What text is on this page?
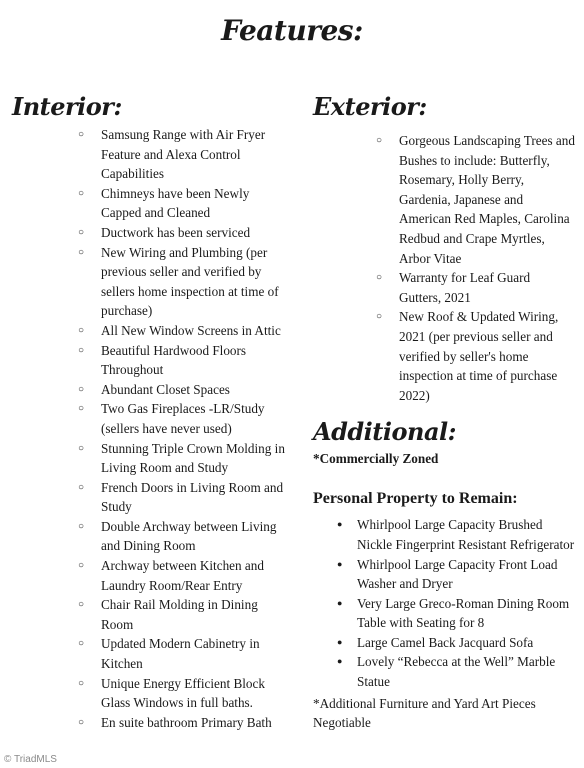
Features:
Interior:
○ Samsung Range with Air Fryer Feature and Alexa Control Capabilities
○ Chimneys have been Newly Capped and Cleaned
○ Ductwork has been serviced
○ New Wiring and Plumbing (per previous seller and verified by sellers home inspection at time of purchase)
○ All New Window Screens in Attic
○ Beautiful Hardwood Floors Throughout
○ Abundant Closet Spaces
○ Two Gas Fireplaces -LR/Study (sellers have never used)
○ Stunning Triple Crown Molding in Living Room and Study
○ French Doors in Living Room and Study
○ Double Archway between Living and Dining Room
○ Archway between Kitchen and Laundry Room/Rear Entry
○ Chair Rail Molding in Dining Room
○ Updated Modern Cabinetry in Kitchen
○ Unique Energy Efficient Block Glass Windows in full baths.
○ En suite bathroom Primary Bath
Exterior:
○ Gorgeous Landscaping Trees and Bushes to include: Butterfly, Rosemary, Holly Berry, Gardenia, Japanese and American Red Maples, Carolina Redbud and Crape Myrtles, Arbor Vitae
○ Warranty for Leaf Guard Gutters, 2021
○ New Roof & Updated Wiring, 2021 (per previous seller and verified by seller's home inspection at time of purchase 2022)
Additional:
*Commercially Zoned
Personal Property to Remain:
● Whirlpool Large Capacity Brushed Nickle Fingerprint Resistant Refrigerator
● Whirlpool Large Capacity Front Load Washer and Dryer
● Very Large Greco-Roman Dining Room Table with Seating for 8
● Large Camel Back Jacquard Sofa
● Lovely “Rebecca at the Well” Marble Statue
*Additional Furniture and Yard Art Pieces Negotiable
© TriadMLS
